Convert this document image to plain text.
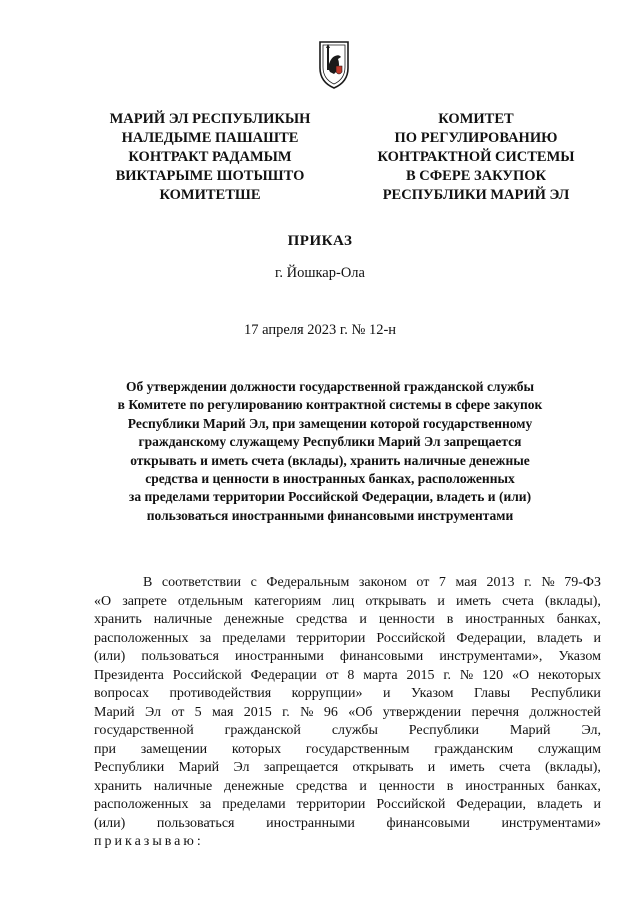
МАРИЙ ЭЛ РЕСПУБЛИКЫН
НАЛЕДЫМЕ ПАШАШТЕ
КОНТРАКТ РАДАМЫМ
ВИКТАРЫМЕ ШОТЫШТО
КОМИТЕТШЕ
КОМИТЕТ
ПО РЕГУЛИРОВАНИЮ
КОНТРАКТНОЙ СИСТЕМЫ
В СФЕРЕ ЗАКУПОК
РЕСПУБЛИКИ МАРИЙ ЭЛ
ПРИКАЗ
г. Йошкар-Ола
17 апреля 2023 г. № 12-н
Об утверждении должности государственной гражданской службы
в Комитете по регулированию контрактной системы в сфере закупок
Республики Марий Эл, при замещении которой государственному
гражданскому служащему Республики Марий Эл запрещается
открывать и иметь счета (вклады), хранить наличные денежные
средства и ценности в иностранных банках, расположенных
за пределами территории Российской Федерации, владеть и (или)
пользоваться иностранными финансовыми инструментами
В соответствии с Федеральным законом от 7 мая 2013 г. № 79-ФЗ
«О запрете отдельным категориям лиц открывать и иметь счета (вклады),
хранить наличные денежные средства и ценности в иностранных банках,
расположенных за пределами территории Российской Федерации, владеть и
(или) пользоваться иностранными финансовыми инструментами», Указом
Президента Российской Федерации от 8 марта 2015 г. № 120 «О некоторых
вопросах противодействия коррупции» и Указом Главы Республики
Марий Эл от 5 мая 2015 г. № 96 «Об утверждении перечня должностей
государственной гражданской службы Республики Марий Эл,
при замещении которых государственным гражданским служащим
Республики Марий Эл запрещается открывать и иметь счета (вклады),
хранить наличные денежные средства и ценности в иностранных банках,
расположенных за пределами территории Российской Федерации, владеть и
(или) пользоваться иностранными финансовыми инструментами»
приказываю:
